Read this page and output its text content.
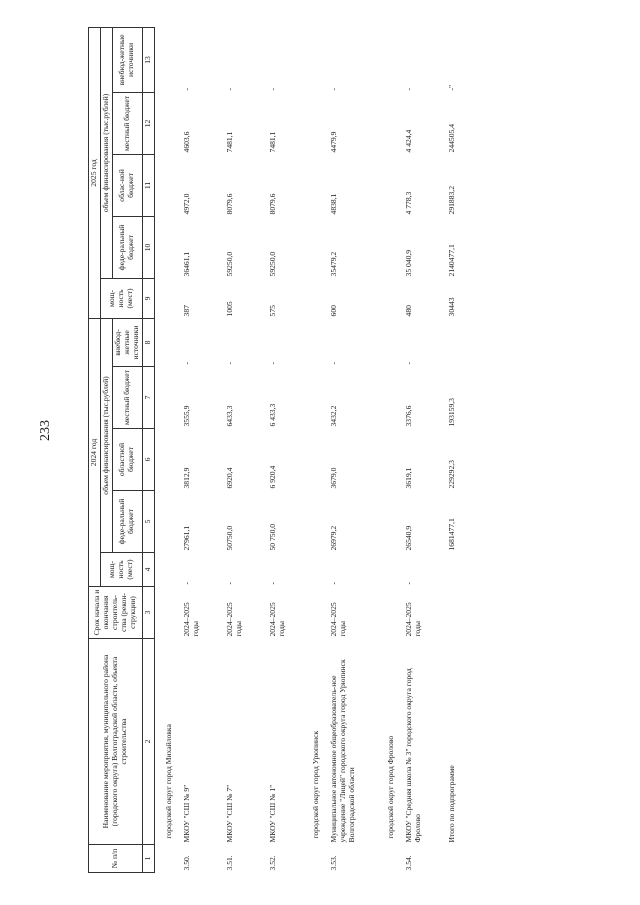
233
№ п/п	Наименование мероприятия, муниципального района (городского округа) Волгоградской области, объекта строительства	Срок начала и окончания строитель-ства (рекон-струкции)	2024 год					2025 год				
			мощ-ность (мест)	объем финансирования (тыс.рублей)				мощ-ность (мест)	объем финансирования (тыс.рублей)			
				феде-ральный бюджет	областной бюджет	местный бюджет	внебюд-жетные источники		феде-ральный бюджет	облас-ной бюджет	местный бюджет	внебюд-жетные источники
1	2	3	4	5	6	7	8	9	10	11	12	13
	городской округ город Михайловка											
3.50.	МКОУ "СШ № 9"	2024–2025 годы	-	27961,1	3812,9	3555,9	-	387	36461,1	4972,0	4603,6	-
3.51.	МКОУ "СШ № 7"	2024–2025 годы	-	50750,0	6920,4	6433,3	-	1005	59250,0	8079,6	7481,1	-
3.52.	МКОУ "СШ № 1"	2024–2025 годы	-	50 750,0	6 920,4	6 433,3	-	575	59250,0	8079,6	7481,1	-
	городской округ город Урюпинск											
3.53.	Муниципальное автономное общеобразователь-ное учреждение "Лицей" городского округа город Урюпинск Волгоградской области	2024–2025 годы	-	26979,2	3679,0	3432,2	-	600	35479,2	4838,1	4479,9	-
	городской округ город Фролово											
3.54.	МКОУ "Средняя школа № 3" городского округа город Фролово	2024–2025 годы	-	26540,9	3619,1	3376,6	-	480	35 040,9	4 778,3	4 424,4	-
	Итого по подпрограмме			1681477,1	229292,3	193159,3		30443	2140477,1	291883,2	244505,4	-"
